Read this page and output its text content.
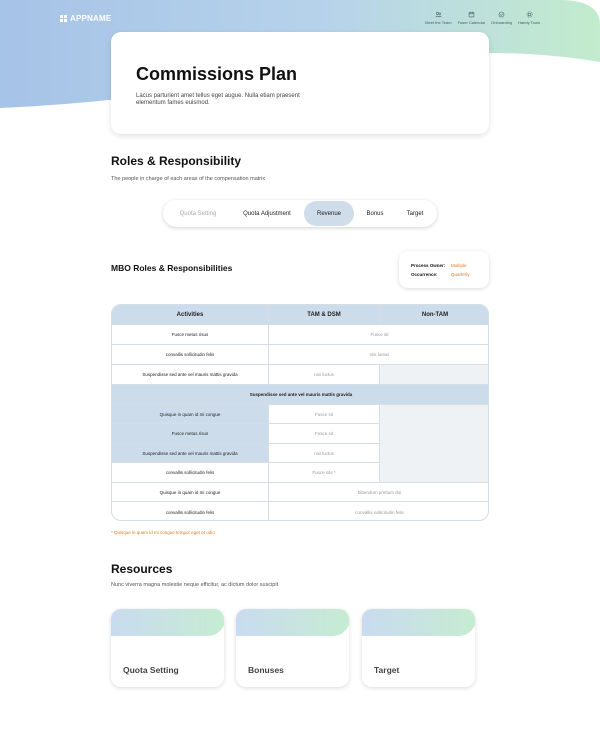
APPNAME	Meet the Team Fuser Calendar Onboarding Handy Tools
Commissions Plan
Lacus parturient amet tellus eget augue. Nulla etiam praesent elementum fames euismod.
Roles & Responsibility
The people in charge of each areas of the compensation matrix
Quota Setting	Quota Adjustment	Revenue	Bonus	Target
MBO Roles & Responsibilities	Process Owner:	Multiple
Occurrence:	Quarterly
Activities	TAM & DSM	Non-TAM
Fusce metus risus	Fusce sit
convallis sollicitudin felis	nisi luctus
Suspendisse sed ante vel mauris mattis gravida	nisi luctus
Suspendisse sed ante vel mauris mattis gravida
Quisque in quam id mi congue	Fusce sit
Fusce metus risus	Fusce sit
Suspendisse sed ante vel mauris mattis gravida	nisi luctus
convallis sollicitudin felis	Fusce sits *
Quisque in quam id mi congue	bibendum pretium dui
convallis sollicitudin felis	convallis sollicitudin felis
* Quisque in quam id mi congue tempor eget et odio
Resources
Nunc viverra magna molestie neque efficitur, ac dictum dolor suscipit
Quota Setting	Bonuses	Target
